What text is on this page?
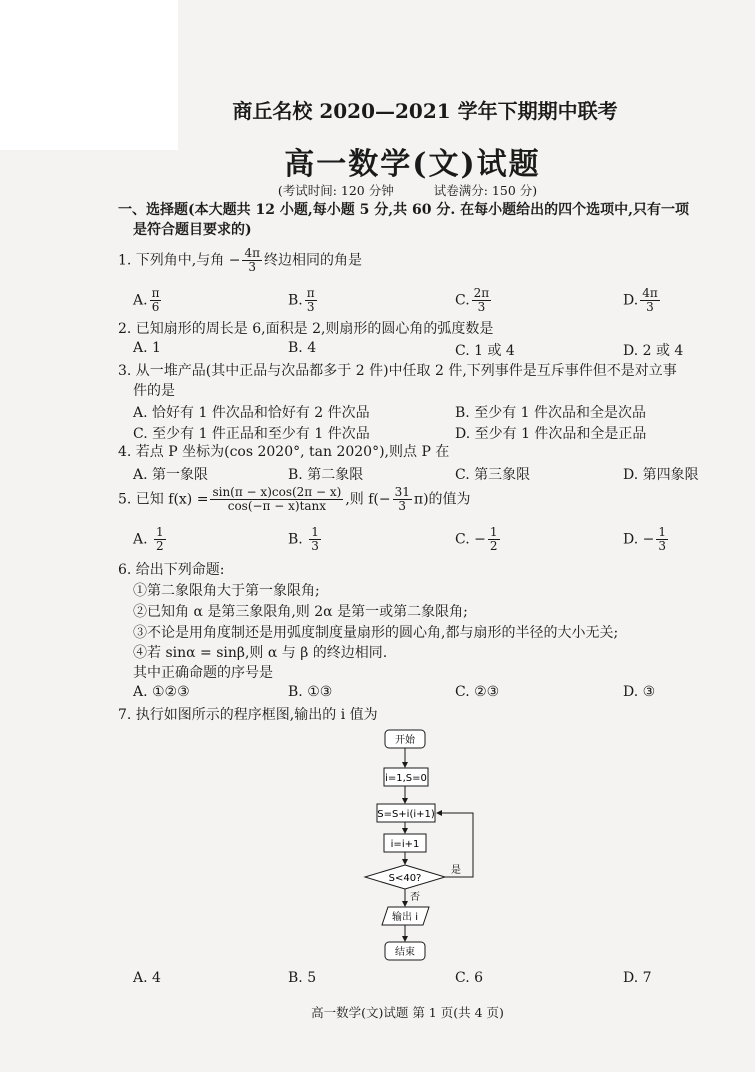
商丘名校 2020—2021 学年下期期中联考
高一数学(文)试题
(考试时间: 120 分钟	试卷满分: 150 分)
一、选择题(本大题共 12 小题,每小题 5 分,共 60 分. 在每小题给出的四个选项中,只有一项
是符合题目要求的)
1. 下列角中,与角 − $\frac{4\pi}{3}$ 终边相同的角是
A. $\frac{\pi}{6}$	B. $\frac{\pi}{3}$	C. $\frac{2\pi}{3}$	D. $\frac{4\pi}{3}$
2. 已知扇形的周长是 6,面积是 2,则扇形的圆心角的弧度数是
A. 1	B. 4	C. 1 或 4	D. 2 或 4
3. 从一堆产品(其中正品与次品都多于 2 件)中任取 2 件,下列事件是互斥事件但不是对立事
件的是
A. 恰好有 1 件次品和恰好有 2 件次品	B. 至少有 1 件次品和全是次品
C. 至少有 1 件正品和至少有 1 件次品	D. 至少有 1 件次品和全是正品
4. 若点 P 坐标为(cos 2020°, tan 2020°),则点 P 在
A. 第一象限	B. 第二象限	C. 第三象限	D. 第四象限
5. 已知 $f(x) = \frac{\sin(\pi - x)\cos(2\pi - x)}{\cos(-\pi - x)\tan x}$ ,则 $f(- \frac{31}{3} \pi)$的值为
A. $\frac{1}{2}$	B. $\frac{1}{3}$	C. − $\frac{1}{2}$	D. − $\frac{1}{3}$
6. 给出下列命题:
①第二象限角大于第一象限角;
②已知角 α 是第三象限角,则 2α 是第一或第二象限角;
③不论是用角度制还是用弧度制度量扇形的圆心角,都与扇形的半径的大小无关;
④若 sinα = sinβ,则 α 与 β 的终边相同.
其中正确命题的序号是
A. ①②③	B. ①③	C. ②③	D. ③
7. 执行如图所示的程序框图,输出的 i 值为
开始
i=1,S=0
S=S+i(i+1)
i=i+1
S<40?
是
否
输出 i
结束
A. 4	B. 5	C. 6	D. 7
高一数学(文)试题 第 1 页(共 4 页)
